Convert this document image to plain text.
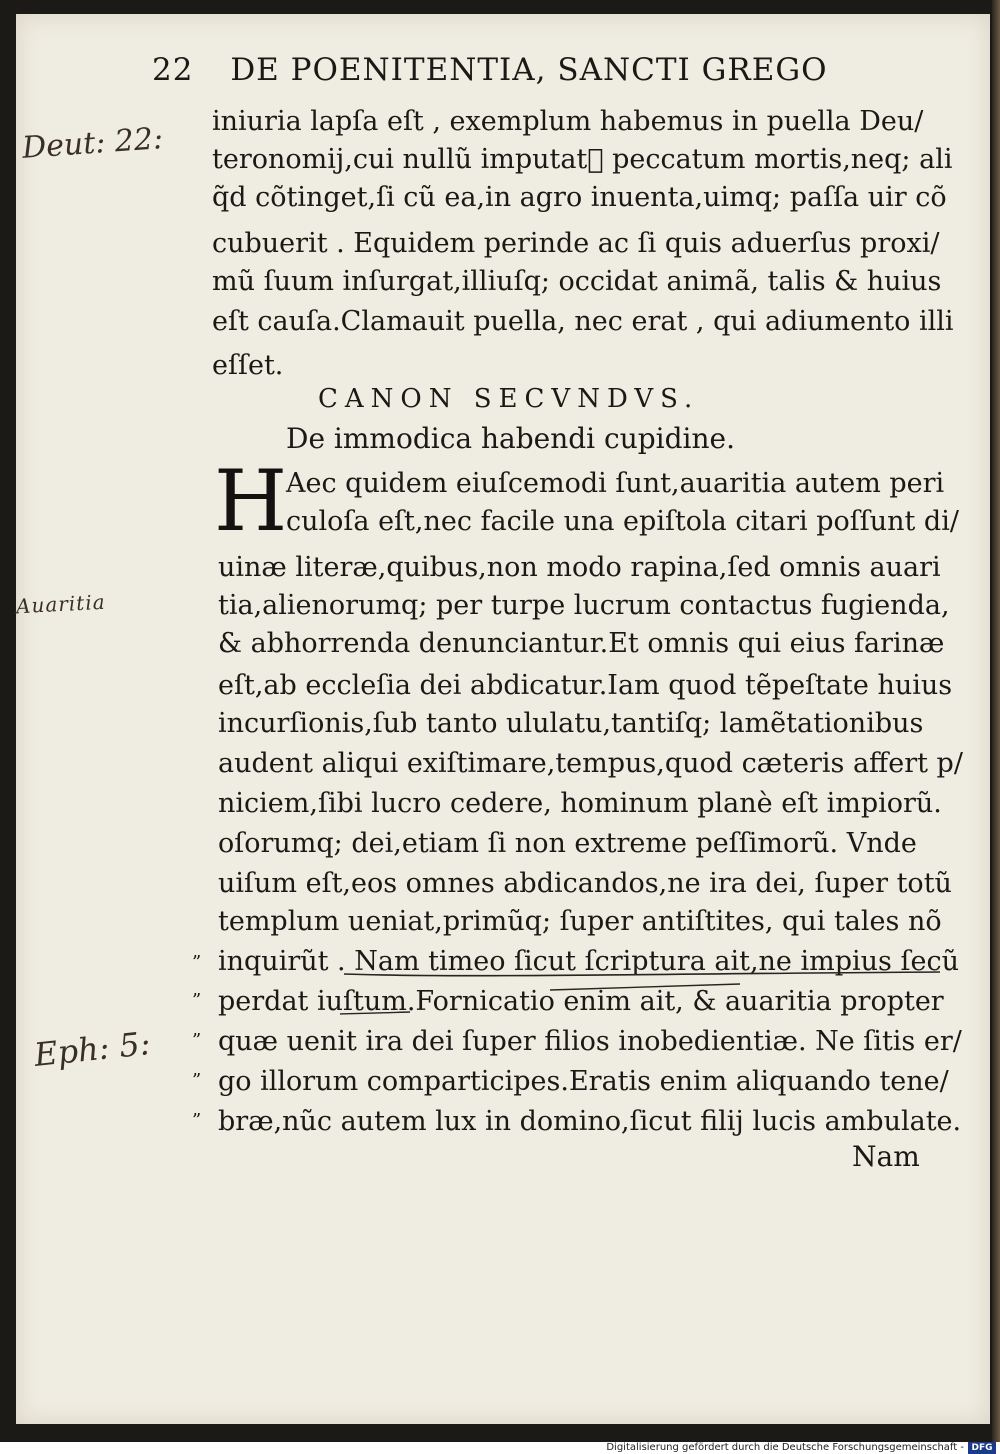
22 DE POENITENTIA, SANCTI GREGO
iniuria lapſa eſt , exemplum habemus in puella Deu/
teronomij,cui nullũ imputatᷣ peccatum mortis,neq; ali
q̃d cõtinget,ſi cũ ea,in agro inuenta,uimq; paſſa uir cõ
cubuerit . Equidem perinde ac ſi quis aduerſus proxi/
mũ ſuum inſurgat,illiuſq; occidat animã, talis & huius
eſt cauſa.Clamauit puella, nec erat , qui adiumento illi
eſſet.
CANON SECVNDVS.
De immodica habendi cupidine.
H
Aec quidem eiuſcemodi ſunt,auaritia autem peri
culoſa eſt,nec facile una epiſtola citari poſſunt di/
uinæ literæ,quibus,non modo rapina,ſed omnis auari
tia,alienorumq; per turpe lucrum contactus fugienda,
& abhorrenda denunciantur.Et omnis qui eius farinæ
eſt,ab eccleſia dei abdicatur.Iam quod tẽpeſtate huius
incurſionis,ſub tanto ululatu,tantiſq; lamẽtationibus
audent aliqui exiſtimare,tempus,quod cæteris affert p/
niciem,ſibi lucro cedere, hominum planè eſt impiorũ.
oſorumq; dei,etiam ſi non extreme peſſimorũ. Vnde
uiſum eſt,eos omnes abdicandos,ne ira dei, ſuper totũ
templum ueniat,primũq; ſuper antiſtites, qui tales nõ
inquirũt . Nam timeo ſicut ſcriptura ait,ne impius ſecũ
perdat iuſtum.Fornicatio enim ait, & auaritia propter
quæ uenit ira dei ſuper filios inobedientiæ. Ne ſitis er/
go illorum comparticipes.Eratis enim aliquando tene/
bræ,nũc autem lux in domino,ſicut filij lucis ambulate.
”
”
”
”
”
Nam
Deut: 22:
Auaritia
Eph: 5:
Digitalisierung gefördert durch die Deutsche Forschungsgemeinschaft - DFG
